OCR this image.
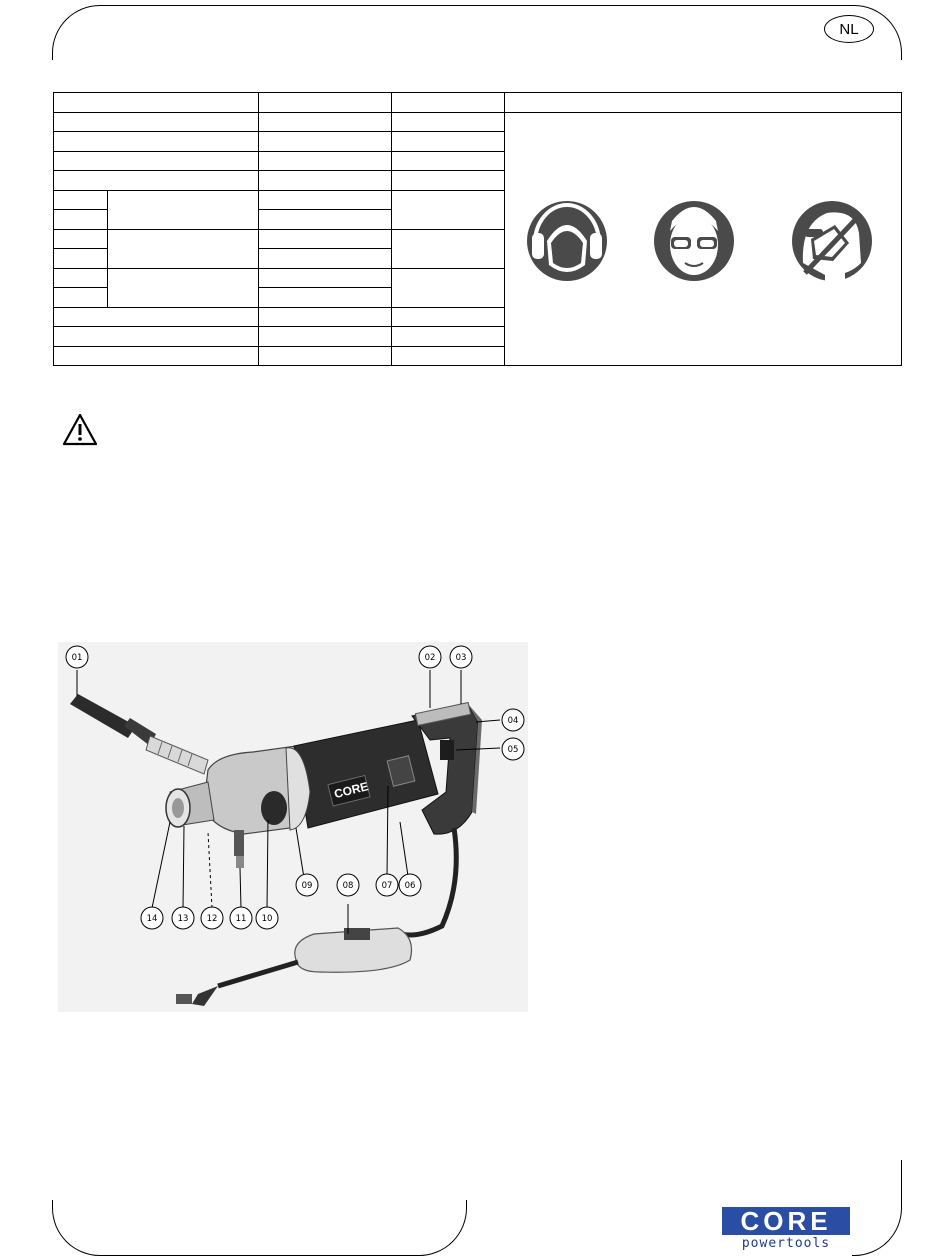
NL

CORE
01	02 03
04
05
06
07
08
09
10
11
12
13
14
CORE
powertools
